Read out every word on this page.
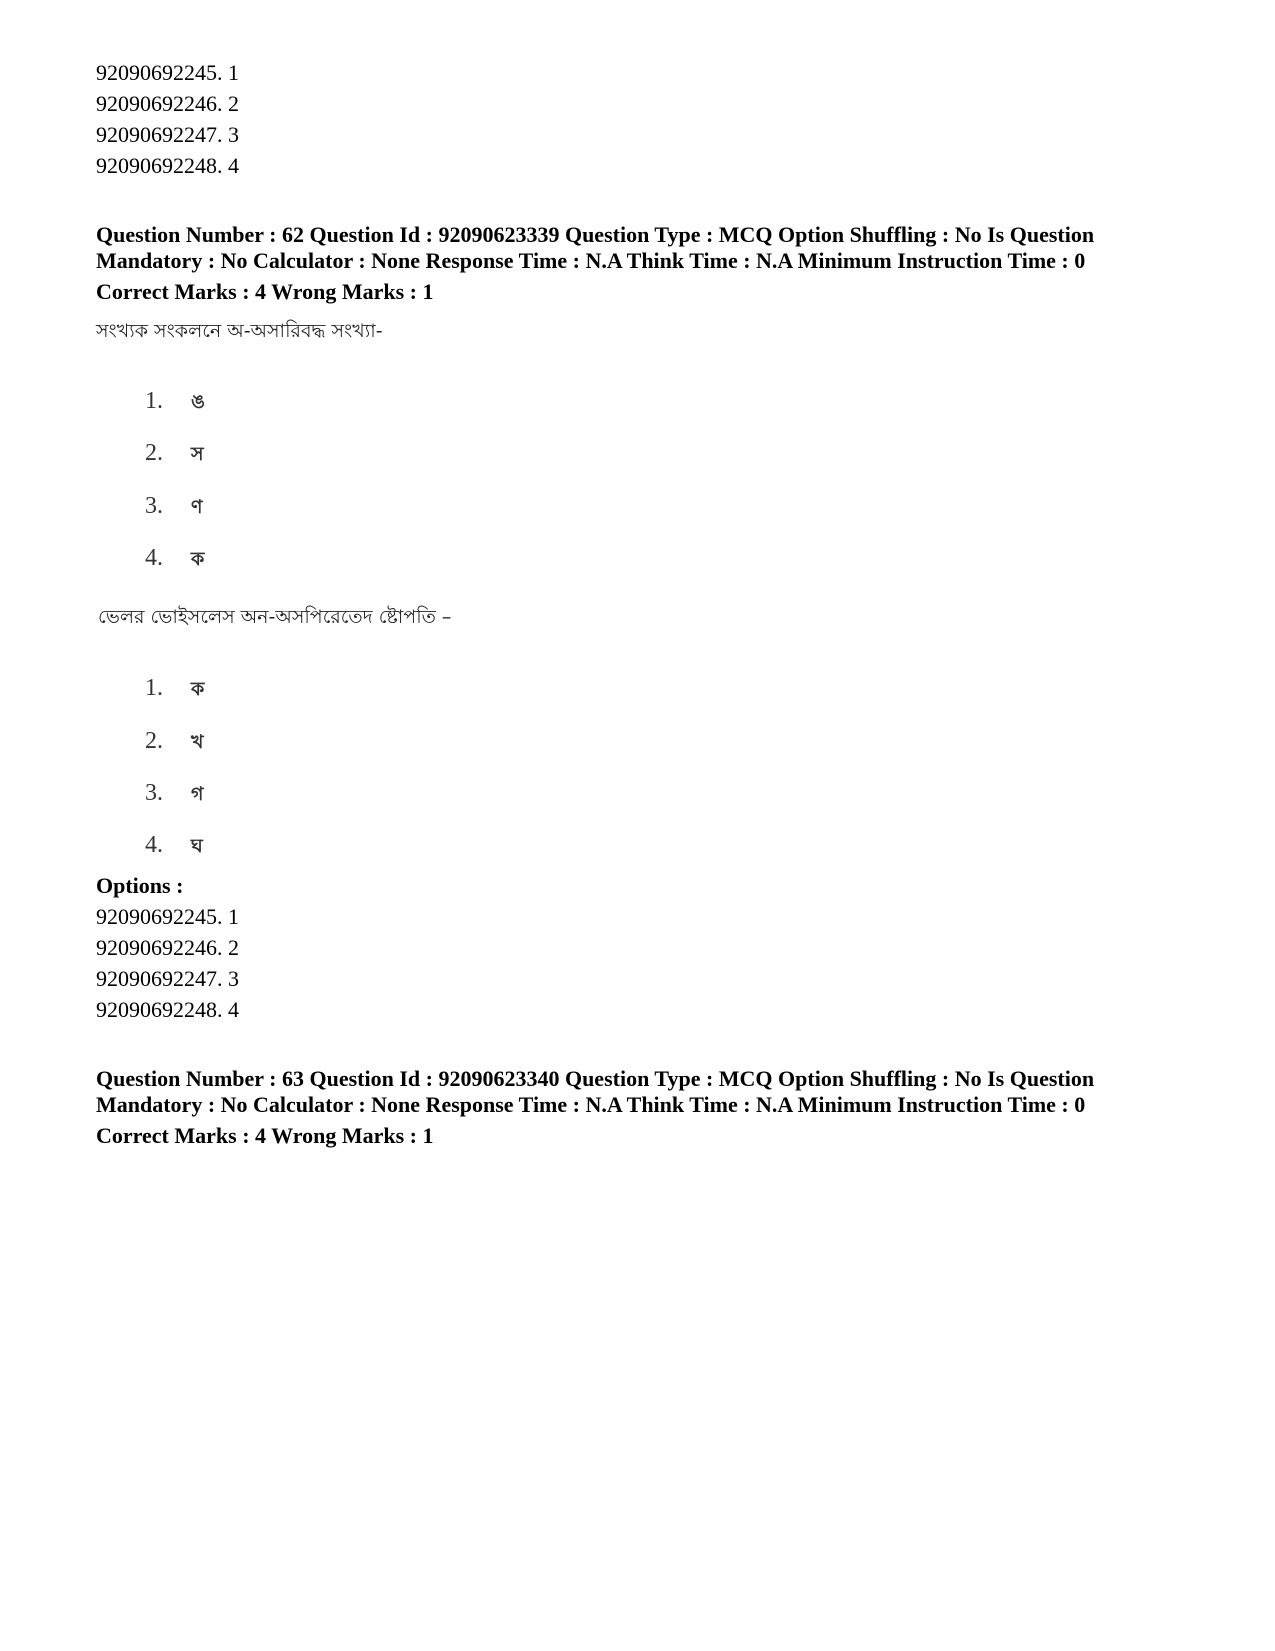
92090692245. 1
92090692246. 2
92090692247. 3
92090692248. 4
Question Number : 62 Question Id : 92090623339 Question Type : MCQ Option Shuffling : No Is Question
Mandatory : No Calculator : None Response Time : N.A Think Time : N.A Minimum Instruction Time : 0
Correct Marks : 4 Wrong Marks : 1
সংখ্যক সংকলনে অ-অসারিবদ্ধ সংখ্যা-
1. ঙ
2. স
3. ণ
4. ক
ভেলর ভোইসলেস অন-অসপিরেতেদ ষ্টোপতি –
1. ক
2. খ
3. গ
4. ঘ
Options :
92090692245. 1
92090692246. 2
92090692247. 3
92090692248. 4
Question Number : 63 Question Id : 92090623340 Question Type : MCQ Option Shuffling : No Is Question
Mandatory : No Calculator : None Response Time : N.A Think Time : N.A Minimum Instruction Time : 0
Correct Marks : 4 Wrong Marks : 1
